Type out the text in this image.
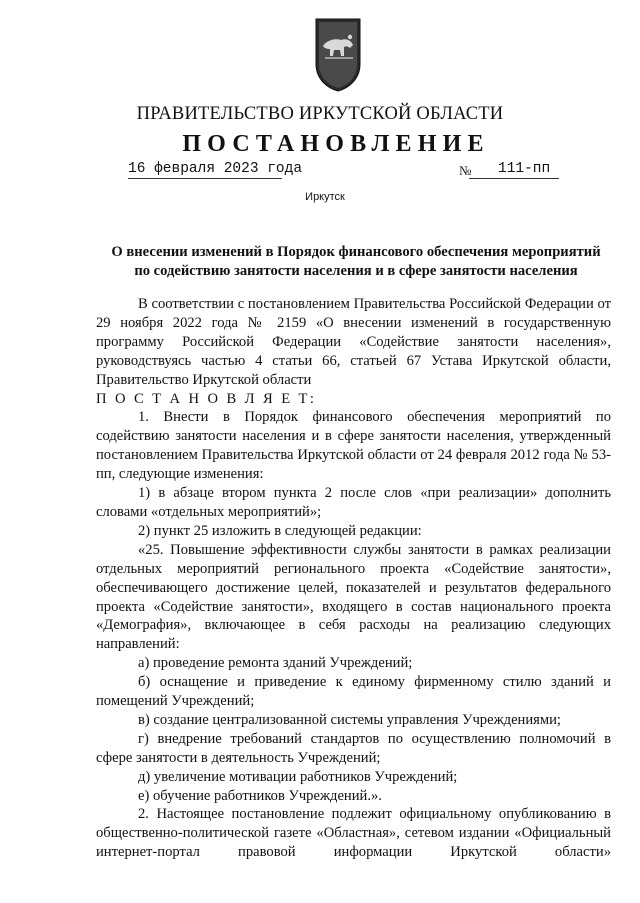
ПРАВИТЕЛЬСТВО ИРКУТСКОЙ ОБЛАСТИ
ПОСТАНОВЛЕНИЕ
16 февраля 2023 года	№ 111-пп
Иркутск
О внесении изменений в Порядок финансового обеспечения мероприятий
по содействию занятости населения и в сфере занятости населения

В соответствии с постановлением Правительства Российской Федерации от 29 ноября 2022 года № 2159 «О внесении изменений в государственную программу Российской Федерации «Содействие занятости населения», руководствуясь частью 4 статьи 66, статьей 67 Устава Иркутской области, Правительство Иркутской области

П О С Т А Н О В Л Я Е Т:

1. Внести в Порядок финансового обеспечения мероприятий по содействию занятости населения и в сфере занятости населения, утвержденный постановлением Правительства Иркутской области от 24 февраля 2012 года № 53-пп, следующие изменения:

1) в абзаце втором пункта 2 после слов «при реализации» дополнить словами «отдельных мероприятий»;

2) пункт 25 изложить в следующей редакции:

«25. Повышение эффективности службы занятости в рамках реализации отдельных мероприятий регионального проекта «Содействие занятости», обеспечивающего достижение целей, показателей и результатов федерального проекта «Содействие занятости», входящего в состав национального проекта «Демография», включающее в себя расходы на реализацию следующих направлений:

а) проведение ремонта зданий Учреждений;

б) оснащение и приведение к единому фирменному стилю зданий и помещений Учреждений;

в) создание централизованной системы управления Учреждениями;

г) внедрение требований стандартов по осуществлению полномочий в сфере занятости в деятельность Учреждений;

д) увеличение мотивации работников Учреждений;

е) обучение работников Учреждений.».

2. Настоящее постановление подлежит официальному опубликованию в общественно-политической газете «Областная», сетевом издании «Официальный интернет-портал правовой информации Иркутской области»
